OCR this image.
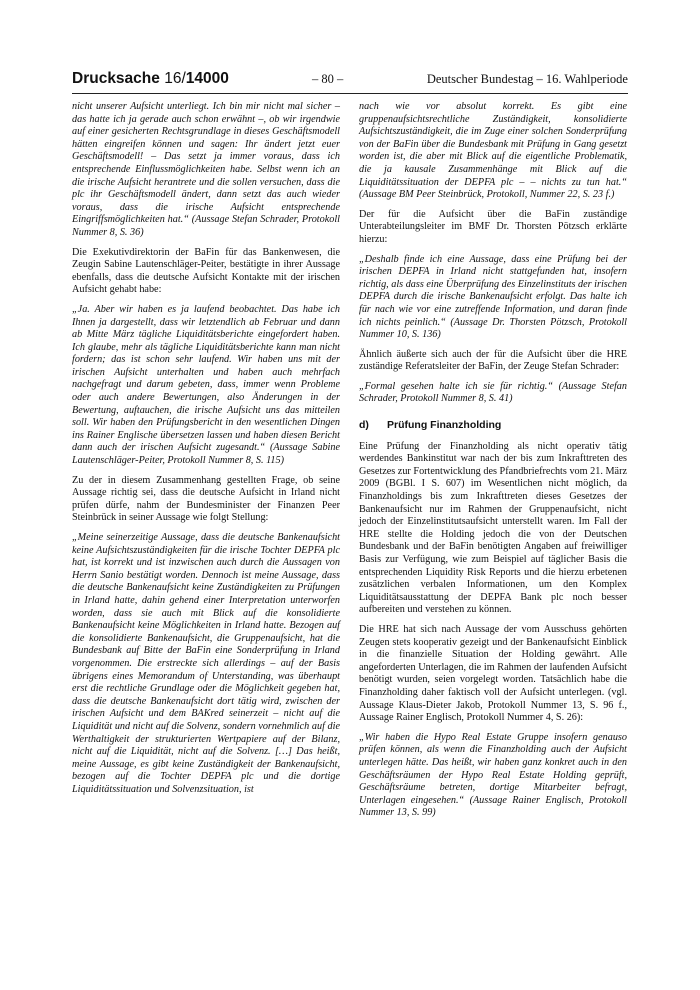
Drucksache 16/14000	– 80 –	Deutscher Bundestag – 16. Wahlperiode

nicht unserer Aufsicht unterliegt. Ich bin mir nicht mal sicher – das hatte ich ja gerade auch schon erwähnt –, ob wir irgendwie auf einer gesicherten Rechtsgrundlage in dieses Geschäftsmodell hätten eingreifen können und sagen: Ihr ändert jetzt euer Geschäftsmodell! – Das setzt ja immer voraus, dass ich entsprechende Einflussmöglichkeiten habe. Selbst wenn ich an die irische Aufsicht herantrete und die sollen versuchen, dass die plc ihr Geschäftsmodell ändert, dann setzt das auch wieder voraus, dass die irische Aufsicht entsprechende Eingriffsmöglichkeiten hat.“ (Aussage Stefan Schrader, Protokoll Nummer 8, S. 36)

Die Exekutivdirektorin der BaFin für das Bankenwesen, die Zeugin Sabine Lautenschläger-Peiter, bestätigte in ihrer Aussage ebenfalls, dass die deutsche Aufsicht Kontakte mit der irischen Aufsicht gehabt habe:

„Ja. Aber wir haben es ja laufend beobachtet. Das habe ich Ihnen ja dargestellt, dass wir letztendlich ab Februar und dann ab Mitte März tägliche Liquiditätsberichte eingefordert haben. Ich glaube, mehr als tägliche Liquiditätsberichte kann man nicht fordern; das ist schon sehr laufend. Wir haben uns mit der irischen Aufsicht unterhalten und haben auch mehrfach nachgefragt und darum gebeten, dass, immer wenn Probleme oder auch andere Bewertungen, also Änderungen in der Bewertung, auftauchen, die irische Aufsicht uns das mitteilen soll. Wir haben den Prüfungsbericht in den wesentlichen Dingen ins Rainer Englische übersetzen lassen und haben diesen Bericht dann auch der irischen Aufsicht zugesandt.“ (Aussage Sabine Lautenschläger-Peiter, Protokoll Nummer 8, S. 115)

Zu der in diesem Zusammenhang gestellten Frage, ob seine Aussage richtig sei, dass die deutsche Aufsicht in Irland nicht prüfen dürfe, nahm der Bundesminister der Finanzen Peer Steinbrück in seiner Aussage wie folgt Stellung:

„Meine seinerzeitige Aussage, dass die deutsche Bankenaufsicht keine Aufsichtszuständigkeiten für die irische Tochter DEPFA plc hat, ist korrekt und ist inzwischen auch durch die Aussagen von Herrn Sanio bestätigt worden. Dennoch ist meine Aussage, dass die deutsche Bankenaufsicht keine Zuständigkeiten zu Prüfungen in Irland hatte, dahin gehend einer Interpretation unterworfen worden, dass sie auch mit Blick auf die konsolidierte Bankenaufsicht keine Möglichkeiten in Irland hatte. Bezogen auf die konsolidierte Bankenaufsicht, die Gruppenaufsicht, hat die Bundesbank auf Bitte der BaFin eine Sonderprüfung in Irland vorgenommen. Die erstreckte sich allerdings – auf der Basis übrigens eines Memorandum of Unterstanding, was überhaupt erst die rechtliche Grundlage oder die Möglichkeit gegeben hat, dass die deutsche Bankenaufsicht dort tätig wird, zwischen der irischen Aufsicht und dem BAKred seinerzeit – nicht auf die Liquidität und nicht auf die Solvenz, sondern vornehmlich auf die Werthaltigkeit der strukturierten Wertpapiere auf der Bilanz, nicht auf die Liquidität, nicht auf die Solvenz. […] Das heißt, meine Aussage, es gibt keine Zuständigkeit der Bankenaufsicht, bezogen auf die Tochter DEPFA plc und die dortige Liquiditätssituation und Solvenzsituation, ist

nach wie vor absolut korrekt. Es gibt eine gruppenaufsichtsrechtliche Zuständigkeit, konsolidierte Aufsichtszuständigkeit, die im Zuge einer solchen Sonderprüfung von der BaFin über die Bundesbank mit Prüfung in Gang gesetzt worden ist, die aber mit Blick auf die eigentliche Problematik, die ja kausale Zusammenhänge mit Blick auf die Liquiditätssituation der DEPFA plc – – nichts zu tun hat.“ (Aussage BM Peer Steinbrück, Protokoll, Nummer 22, S. 23 f.)

Der für die Aufsicht über die BaFin zuständige Unterabteilungsleiter im BMF Dr. Thorsten Pötzsch erklärte hierzu:

„Deshalb finde ich eine Aussage, dass eine Prüfung bei der irischen DEPFA in Irland nicht stattgefunden hat, insofern richtig, als dass eine Überprüfung des Einzelinstituts der irischen DEPFA durch die irische Bankenaufsicht erfolgt. Das halte ich für nach wie vor eine zutreffende Information, und daran finde ich nichts peinlich.“ (Aussage Dr. Thorsten Pötzsch, Protokoll Nummer 10, S. 136)

Ähnlich äußerte sich auch der für die Aufsicht über die HRE zuständige Referatsleiter der BaFin, der Zeuge Stefan Schrader:

„Formal gesehen halte ich sie für richtig.“ (Aussage Stefan Schrader, Protokoll Nummer 8, S. 41)

d) Prüfung Finanzholding

Eine Prüfung der Finanzholding als nicht operativ tätig werdendes Bankinstitut war nach der bis zum Inkrafttreten des Gesetzes zur Fortentwicklung des Pfandbriefrechts vom 21. März 2009 (BGBl. I S. 607) im Wesentlichen nicht möglich, da Finanzholdings bis zum Inkrafttreten dieses Gesetzes der Bankenaufsicht nur im Rahmen der Gruppenaufsicht, nicht jedoch der Einzelinstitutsaufsicht unterstellt waren. Im Fall der HRE stellte die Holding jedoch die von der Deutschen Bundesbank und der BaFin benötigten Angaben auf freiwilliger Basis zur Verfügung, wie zum Beispiel auf täglicher Basis die entsprechenden Liquidity Risk Reports und die hierzu erbetenen zusätzlichen verbalen Informationen, um den Komplex Liquiditätsausstattung der DEPFA Bank plc noch besser aufbereiten und verstehen zu können.

Die HRE hat sich nach Aussage der vom Ausschuss gehörten Zeugen stets kooperativ gezeigt und der Bankenaufsicht Einblick in die finanzielle Situation der Holding gewährt. Alle angeforderten Unterlagen, die im Rahmen der laufenden Aufsicht benötigt wurden, seien vorgelegt worden. Tatsächlich habe die Finanzholding daher faktisch voll der Aufsicht unterlegen. (vgl. Aussage Klaus-Dieter Jakob, Protokoll Nummer 13, S. 96 f., Aussage Rainer Englisch, Protokoll Nummer 4, S. 26):

„Wir haben die Hypo Real Estate Gruppe insofern genauso prüfen können, als wenn die Finanzholding auch der Aufsicht unterlegen hätte. Das heißt, wir haben ganz konkret auch in den Geschäftsräumen der Hypo Real Estate Holding geprüft, Geschäftsräume betreten, dortige Mitarbeiter befragt, Unterlagen eingesehen.“ (Aussage Rainer Englisch, Protokoll Nummer 13, S. 99)
